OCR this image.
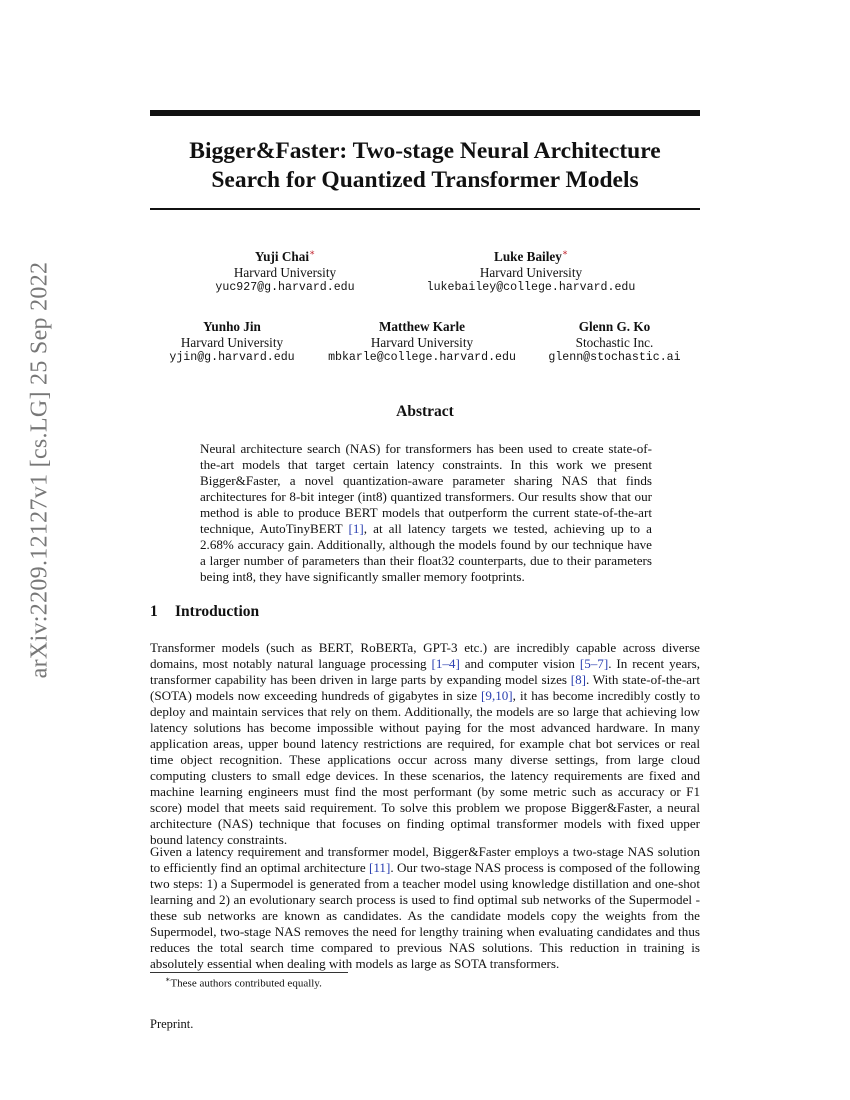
arXiv:2209.12127v1 [cs.LG] 25 Sep 2022
Bigger&Faster: Two-stage Neural Architecture
Search for Quantized Transformer Models
Yuji Chai∗
Harvard University
yuc927@g.harvard.edu
Luke Bailey∗
Harvard University
lukebailey@college.harvard.edu
Yunho Jin
Harvard University
yjin@g.harvard.edu
Matthew Karle
Harvard University
mbkarle@college.harvard.edu
Glenn G. Ko
Stochastic Inc.
glenn@stochastic.ai
Abstract

Neural architecture search (NAS) for transformers has been used to create state-of-the-art models that target certain latency constraints. In this work we present Bigger&Faster, a novel quantization-aware parameter sharing NAS that finds architectures for 8-bit integer (int8) quantized transformers. Our results show that our method is able to produce BERT models that outperform the current state-of-the-art technique, AutoTinyBERT [1], at all latency targets we tested, achieving up to a 2.68% accuracy gain. Additionally, although the models found by our technique have a larger number of parameters than their float32 counterparts, due to their parameters being int8, they have significantly smaller memory footprints.

1 Introduction

Transformer models (such as BERT, RoBERTa, GPT-3 etc.) are incredibly capable across diverse domains, most notably natural language processing [1–4] and computer vision [5–7]. In recent years, transformer capability has been driven in large parts by expanding model sizes [8]. With state-of-the-art (SOTA) models now exceeding hundreds of gigabytes in size [9,10], it has become incredibly costly to deploy and maintain services that rely on them. Additionally, the models are so large that achieving low latency solutions has become impossible without paying for the most advanced hardware. In many application areas, upper bound latency restrictions are required, for example chat bot services or real time object recognition. These applications occur across many diverse settings, from large cloud computing clusters to small edge devices. In these scenarios, the latency requirements are fixed and machine learning engineers must find the most performant (by some metric such as accuracy or F1 score) model that meets said requirement. To solve this problem we propose Bigger&Faster, a neural architecture (NAS) technique that focuses on finding optimal transformer models with fixed upper bound latency constraints.

Given a latency requirement and transformer model, Bigger&Faster employs a two-stage NAS solution to efficiently find an optimal architecture [11]. Our two-stage NAS process is composed of the following two steps: 1) a Supermodel is generated from a teacher model using knowledge distillation and one-shot learning and 2) an evolutionary search process is used to find optimal sub networks of the Supermodel - these sub networks are known as candidates. As the candidate models copy the weights from the Supermodel, two-stage NAS removes the need for lengthy training when evaluating candidates and thus reduces the total search time compared to previous NAS solutions. This reduction in training is absolutely essential when dealing with models as large as SOTA transformers.

∗These authors contributed equally.

Preprint.
